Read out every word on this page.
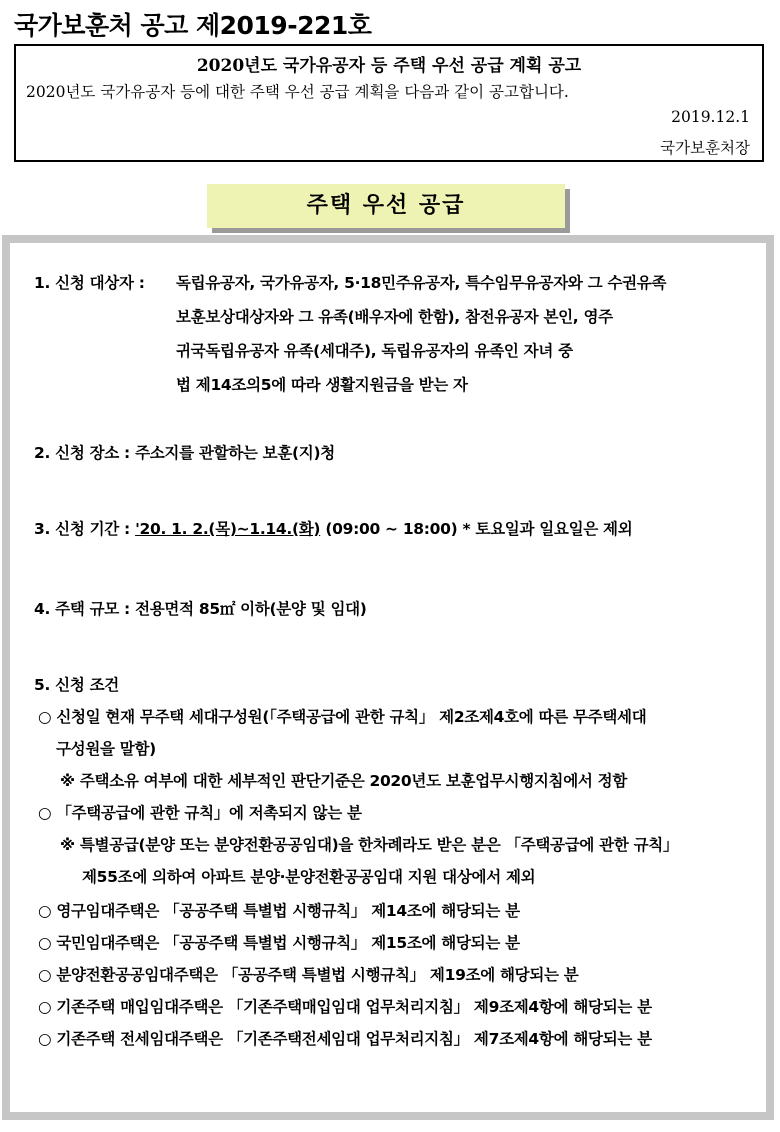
국가보훈처 공고 제2019-221호
2020년도 국가유공자 등 주택 우선 공급 계획 공고
2020년도 국가유공자 등에 대한 주택 우선 공급 계획을 다음과 같이 공고합니다.
2019.12.1
국가보훈처장
주택 우선 공급
1. 신청 대상자 : 독립유공자, 국가유공자, 5·18민주유공자, 특수임무유공자와 그 수권유족
보훈보상대상자와 그 유족(배우자에 한함), 참전유공자 본인, 영주
귀국독립유공자 유족(세대주), 독립유공자의 유족인 자녀 중
법 제14조의5에 따라 생활지원금을 받는 자
2. 신청 장소 : 주소지를 관할하는 보훈(지)청
3. 신청 기간 : '20. 1. 2.(목)~1.14.(화) (09:00 ~ 18:00) * 토요일과 일요일은 제외
4. 주택 규모 : 전용면적 85㎡ 이하(분양 및 임대)
5. 신청 조건
○ 신청일 현재 무주택 세대구성원(「주택공급에 관한 규칙」 제2조제4호에 따른 무주택세대
구성원을 말함)
※ 주택소유 여부에 대한 세부적인 판단기준은 2020년도 보훈업무시행지침에서 정함
○ 「주택공급에 관한 규칙」에 저촉되지 않는 분
※ 특별공급(분양 또는 분양전환공공임대)을 한차례라도 받은 분은 「주택공급에 관한 규칙」
제55조에 의하여 아파트 분양·분양전환공공임대 지원 대상에서 제외
○ 영구임대주택은 「공공주택 특별법 시행규칙」 제14조에 해당되는 분
○ 국민임대주택은 「공공주택 특별법 시행규칙」 제15조에 해당되는 분
○ 분양전환공공임대주택은 「공공주택 특별법 시행규칙」 제19조에 해당되는 분
○ 기존주택 매입임대주택은 「기존주택매입임대 업무처리지침」 제9조제4항에 해당되는 분
○ 기존주택 전세임대주택은 「기존주택전세임대 업무처리지침」 제7조제4항에 해당되는 분
